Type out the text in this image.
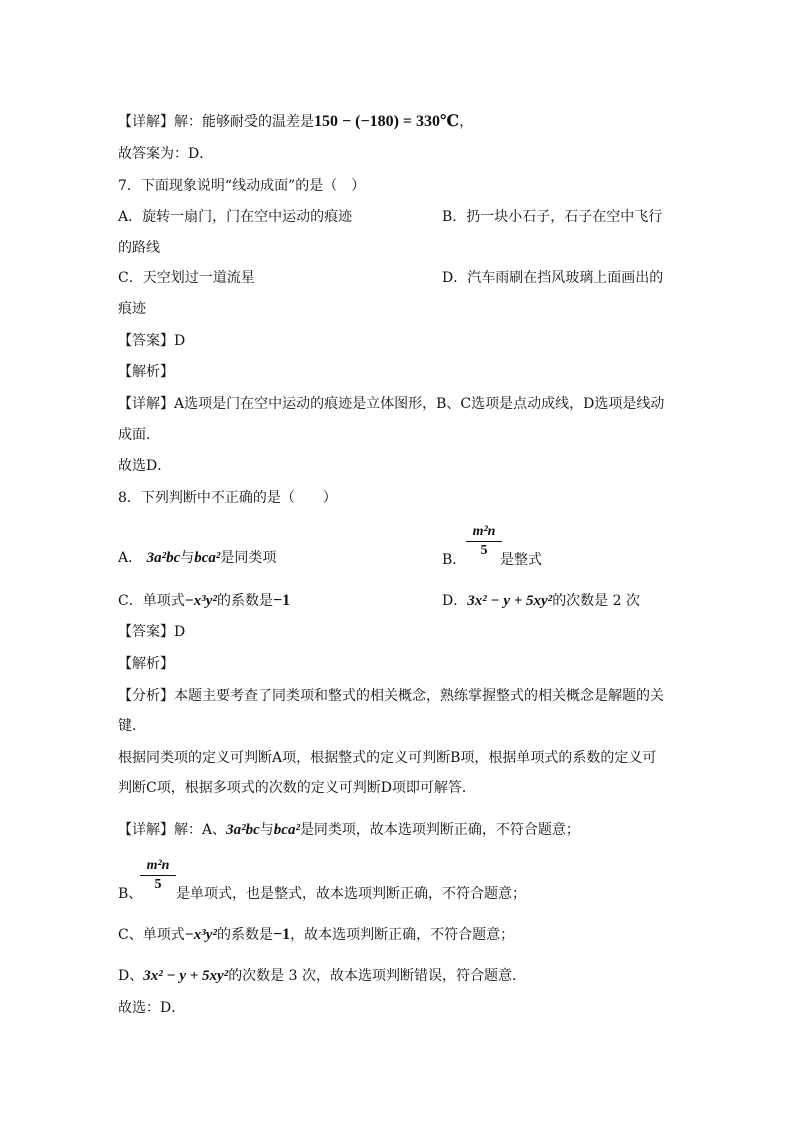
【详解】解：能够耐受的温差是150 − (−180) = 330℃，
故答案为：D．
7．下面现象说明“线动成面”的是（　）
A．旋转一扇门，门在空中运动的痕迹	B．扔一块小石子，石子在空中飞行
的路线
C．天空划过一道流星	D．汽车雨刷在挡风玻璃上面画出的
痕迹
【答案】D
【解析】
【详解】A选项是门在空中运动的痕迹是立体图形，B、C选项是点动成线，D选项是线动
成面．
故选D．
8．下列判断中不正确的是（　　）
A． 3a²bc与bca²是同类项	B．
m²n
5
是整式
C．单项式−x³y²的系数是−1	D．3x² − y + 5xy²的次数是 2 次
【答案】D
【解析】
【分析】本题主要考查了同类项和整式的相关概念，熟练掌握整式的相关概念是解题的关
键．
根据同类项的定义可判断A项，根据整式的定义可判断B项，根据单项式的系数的定义可
判断C项，根据多项式的次数的定义可判断D项即可解答．
【详解】解：A、3a²bc与bca²是同类项，故本选项判断正确，不符合题意；
B、
m²n
5
是单项式，也是整式，故本选项判断正确，不符合题意；
C、单项式−x³y²的系数是−1，故本选项判断正确，不符合题意；
D、3x² − y + 5xy²的次数是 3 次，故本选项判断错误，符合题意．
故选：D．
